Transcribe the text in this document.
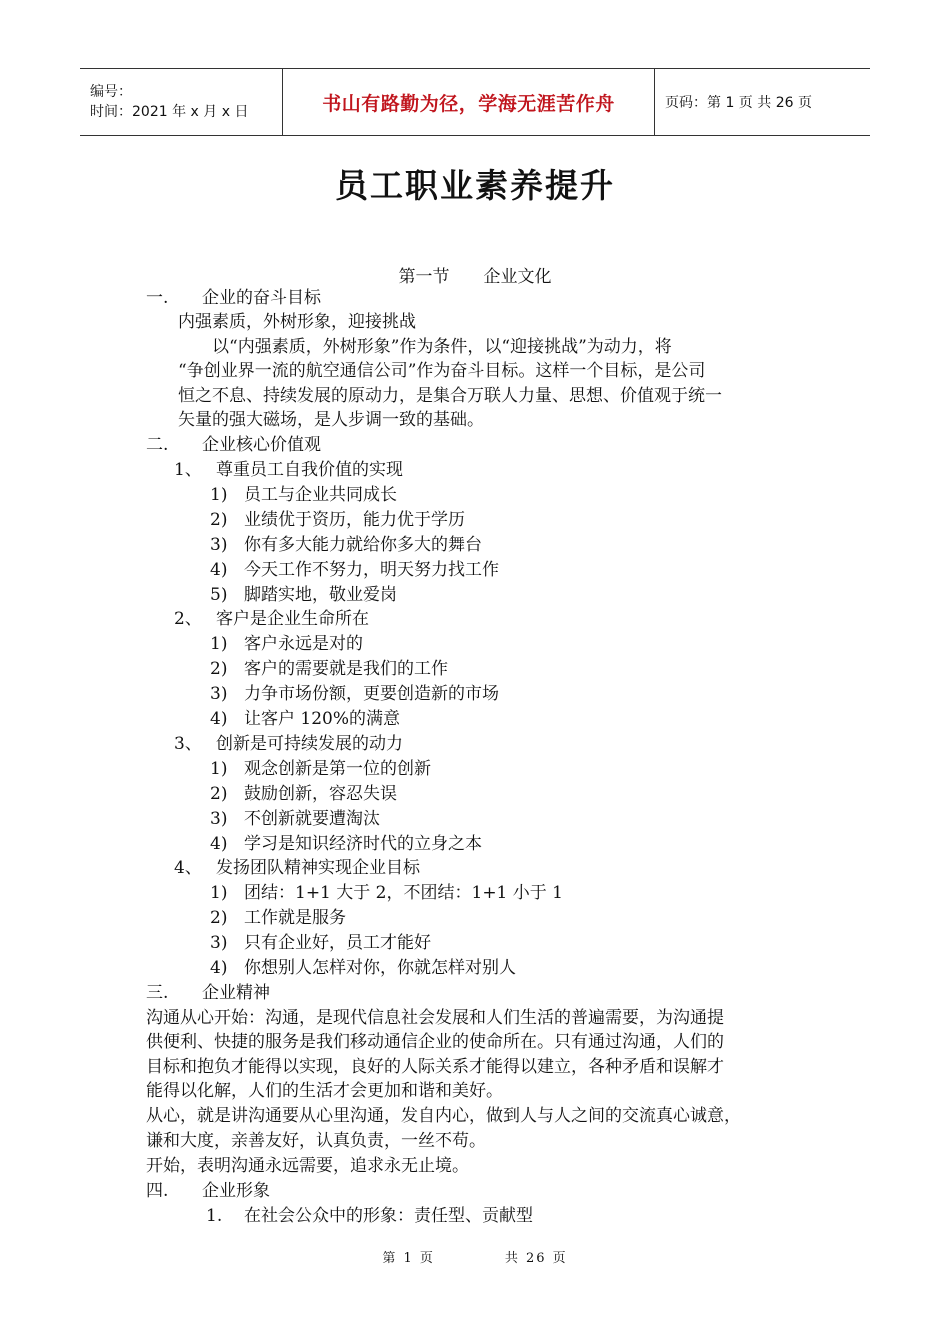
编号：
时间：2021 年 x 月 x 日	书山有路勤为径，学海无涯苦作舟	页码：第 1 页 共 26 页
员工职业素养提升
第一节 企业文化
一. 企业的奋斗目标
内强素质，外树形象，迎接挑战
以“内强素质，外树形象”作为条件，以“迎接挑战”为动力，将
“争创业界一流的航空通信公司”作为奋斗目标。这样一个目标，是公司
恒之不息、持续发展的原动力，是集合万联人力量、思想、价值观于统一
矢量的强大磁场，是人步调一致的基础。
二. 企业核心价值观
1、 尊重员工自我价值的实现
1) 员工与企业共同成长
2) 业绩优于资历，能力优于学历
3) 你有多大能力就给你多大的舞台
4) 今天工作不努力，明天努力找工作
5) 脚踏实地，敬业爱岗
2、 客户是企业生命所在
1) 客户永远是对的
2) 客户的需要就是我们的工作
3) 力争市场份额，更要创造新的市场
4) 让客户 120%的满意
3、 创新是可持续发展的动力
1) 观念创新是第一位的创新
2) 鼓励创新，容忍失误
3) 不创新就要遭淘汰
4) 学习是知识经济时代的立身之本
4、 发扬团队精神实现企业目标
1) 团结：1+1 大于 2，不团结：1+1 小于 1
2) 工作就是服务
3) 只有企业好，员工才能好
4) 你想别人怎样对你，你就怎样对别人
三. 企业精神
沟通从心开始：沟通，是现代信息社会发展和人们生活的普遍需要，为沟通提
供便利、快捷的服务是我们移动通信企业的使命所在。只有通过沟通，人们的
目标和抱负才能得以实现，良好的人际关系才能得以建立，各种矛盾和误解才
能得以化解，人们的生活才会更加和谐和美好。
从心，就是讲沟通要从心里沟通，发自内心，做到人与人之间的交流真心诚意，
谦和大度，亲善友好，认真负责，一丝不苟。
开始，表明沟通永远需要，追求永无止境。
四. 企业形象
1. 在社会公众中的形象：责任型、贡献型
第 1 页	共 26 页
